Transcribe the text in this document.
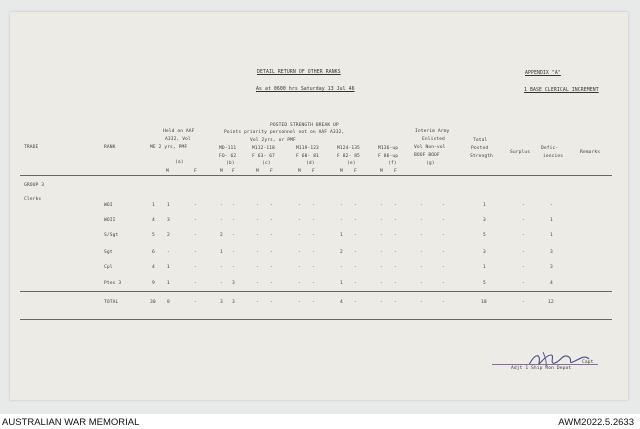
DETAIL RETURN OF OTHER RANKS
As at 0600 hrs Saturday 13 Jul 46
APPENDIX "A"
1 BASE CLERICAL INCREMENT
TRADE	RANK
Held on AAF
A332, Vol
ME 2 yrs, PMF
(a)
POSTED STRENGTH BREAK UP
Points priority personnel not on AAF A332,
Vol 2yrs, or PMF
MD-111
FO- 62
(b)
M112-118
F 63- 67
(c)
M119-123
F 68- 81
(d)
M124-135
F 82- 85
(e)
M136-up
F 86-up
(f)
Interim Army
Enlisted
Vol Non-vol
BOOF BOOF
(g)
Total
Posted
Strength
Surplus
Defic-
iencies
Remarks
M	F	M F	M F	M F	M F	M F
GROUP 3
Clerks
WOI	1	1	-	- -	- -	- -	- -	- -	-	-	1	-	-
WOII	4	3	-	- -	- -	- -	- -	- -	-	-	3	-	1
S/Sgt	5	2	-	2 -	- -	- -	1 -	- -	-	-	5	-	1
Sgt	6	-	-	1 -	- -	- -	2 -	- -	-	-	3	-	3
Cpl	4	1	-	- -	- -	- -	- -	- -	-	-	1	-	3
Ptes 3	9	1	-	- 3	- -	- -	1 -	- -	-	-	5	-	4
TOTAL	30 8	-	3 3	- -	- -	4 -	- -	-	-	18	-	12
Capt
Adjt 1 Ship Ron Depot
AUSTRALIAN WAR MEMORIAL	AWM2022.5.2633
